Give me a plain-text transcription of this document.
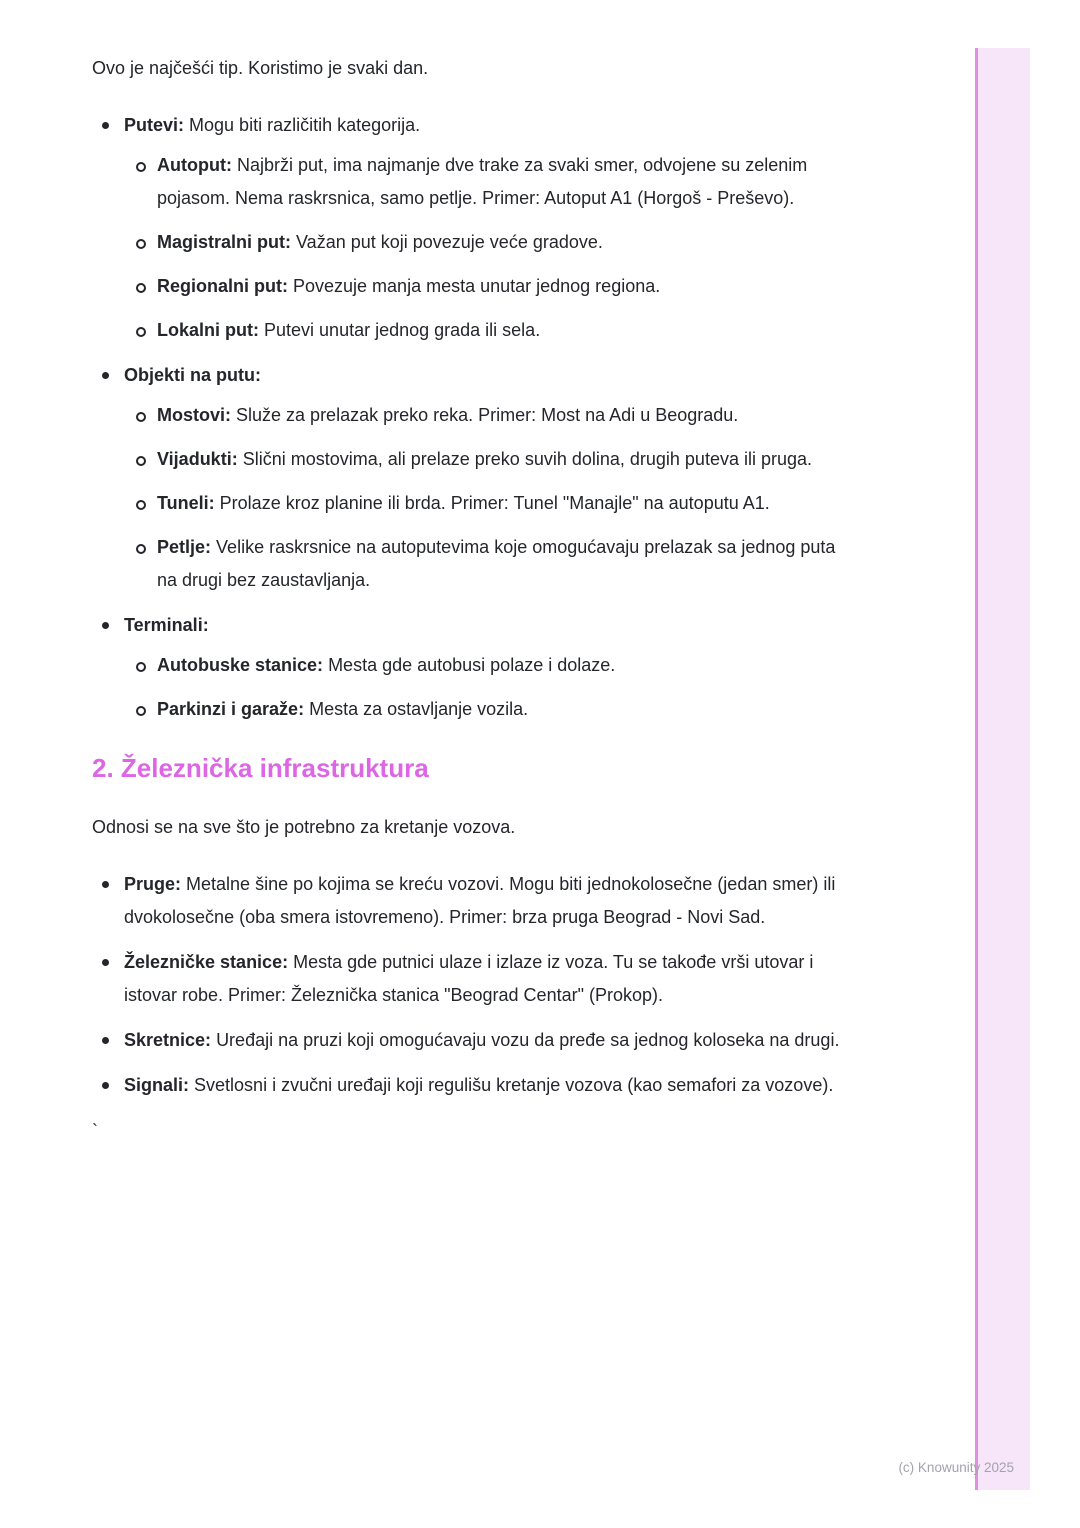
Ovo je najčešći tip. Koristimo je svaki dan.

Putevi: Mogu biti različitih kategorija.

Autoput: Najbrži put, ima najmanje dve trake za svaki smer, odvojene su zelenim pojasom. Nema raskrsnica, samo petlje. Primer: Autoput A1 (Horgoš - Preševo).

Magistralni put: Važan put koji povezuje veće gradove.

Regionalni put: Povezuje manja mesta unutar jednog regiona.

Lokalni put: Putevi unutar jednog grada ili sela.

Objekti na putu:

Mostovi: Služe za prelazak preko reka. Primer: Most na Adi u Beogradu.

Vijadukti: Slični mostovima, ali prelaze preko suvih dolina, drugih puteva ili pruga.

Tuneli: Prolaze kroz planine ili brda. Primer: Tunel "Manajle" na autoputu A1.

Petlje: Velike raskrsnice na autoputevima koje omogućavaju prelazak sa jednog puta na drugi bez zaustavljanja.

Terminali:

Autobuske stanice: Mesta gde autobusi polaze i dolaze.

Parkinzi i garaže: Mesta za ostavljanje vozila.

2. Železnička infrastruktura

Odnosi se na sve što je potrebno za kretanje vozova.

Pruge: Metalne šine po kojima se kreću vozovi. Mogu biti jednokolosečne (jedan smer) ili dvokolosečne (oba smera istovremeno). Primer: brza pruga Beograd - Novi Sad.

Železničke stanice: Mesta gde putnici ulaze i izlaze iz voza. Tu se takođe vrši utovar i istovar robe. Primer: Železnička stanica "Beograd Centar" (Prokop).

Skretnice: Uređaji na pruzi koji omogućavaju vozu da pređe sa jednog koloseka na drugi.

Signali: Svetlosni i zvučni uređaji koji regulišu kretanje vozova (kao semafori za vozove).

`

(c) Knowunity 2025
